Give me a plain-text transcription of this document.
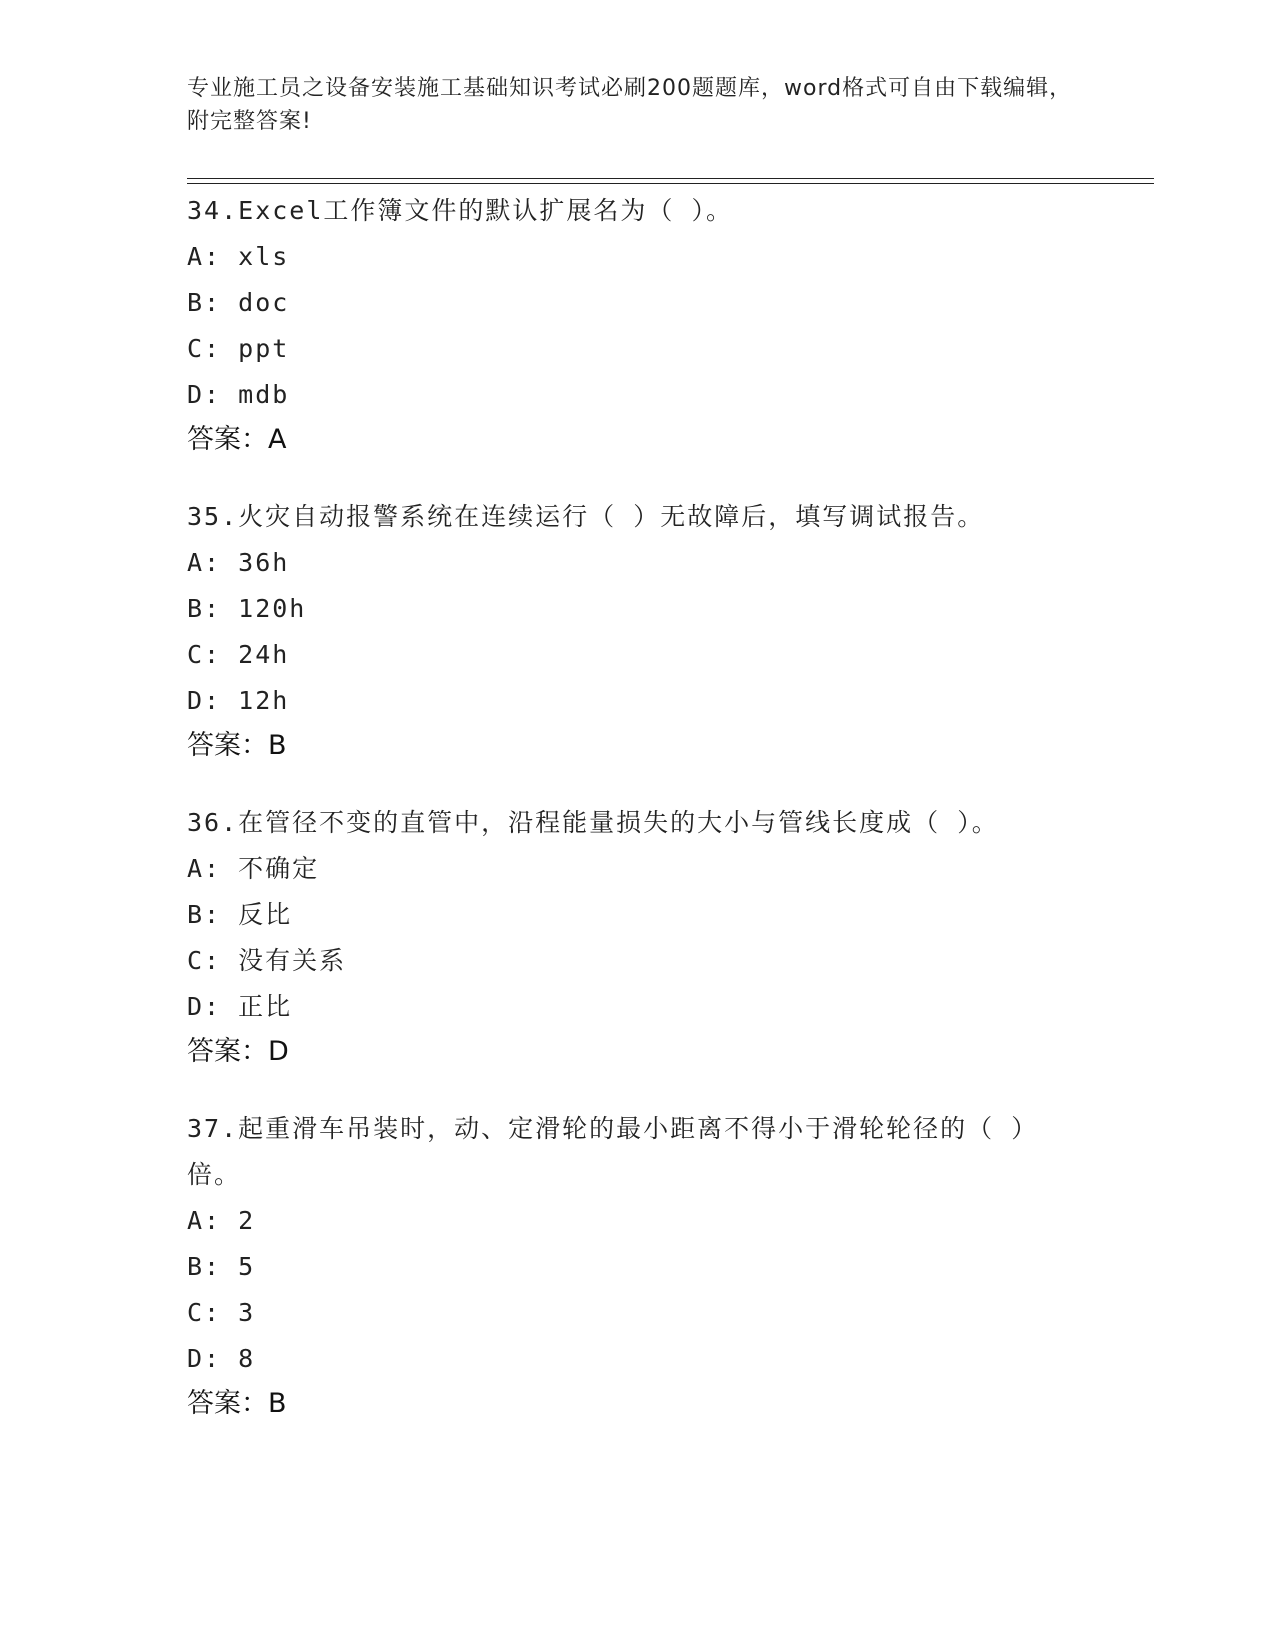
专业施工员之设备安装施工基础知识考试必刷200题题库，word格式可自由下载编辑，附完整答案!
34.Excel工作簿文件的默认扩展名为（ ）。
A: xls
B: doc
C: ppt
D: mdb
答案：A
35.火灾自动报警系统在连续运行（ ）无故障后，填写调试报告。
A: 36h
B: 120h
C: 24h
D: 12h
答案：B
36.在管径不变的直管中，沿程能量损失的大小与管线长度成（ ）。
A: 不确定
B: 反比
C: 没有关系
D: 正比
答案：D
37.起重滑车吊装时，动、定滑轮的最小距离不得小于滑轮轮径的（ ）倍。
A: 2
B: 5
C: 3
D: 8
答案：B
